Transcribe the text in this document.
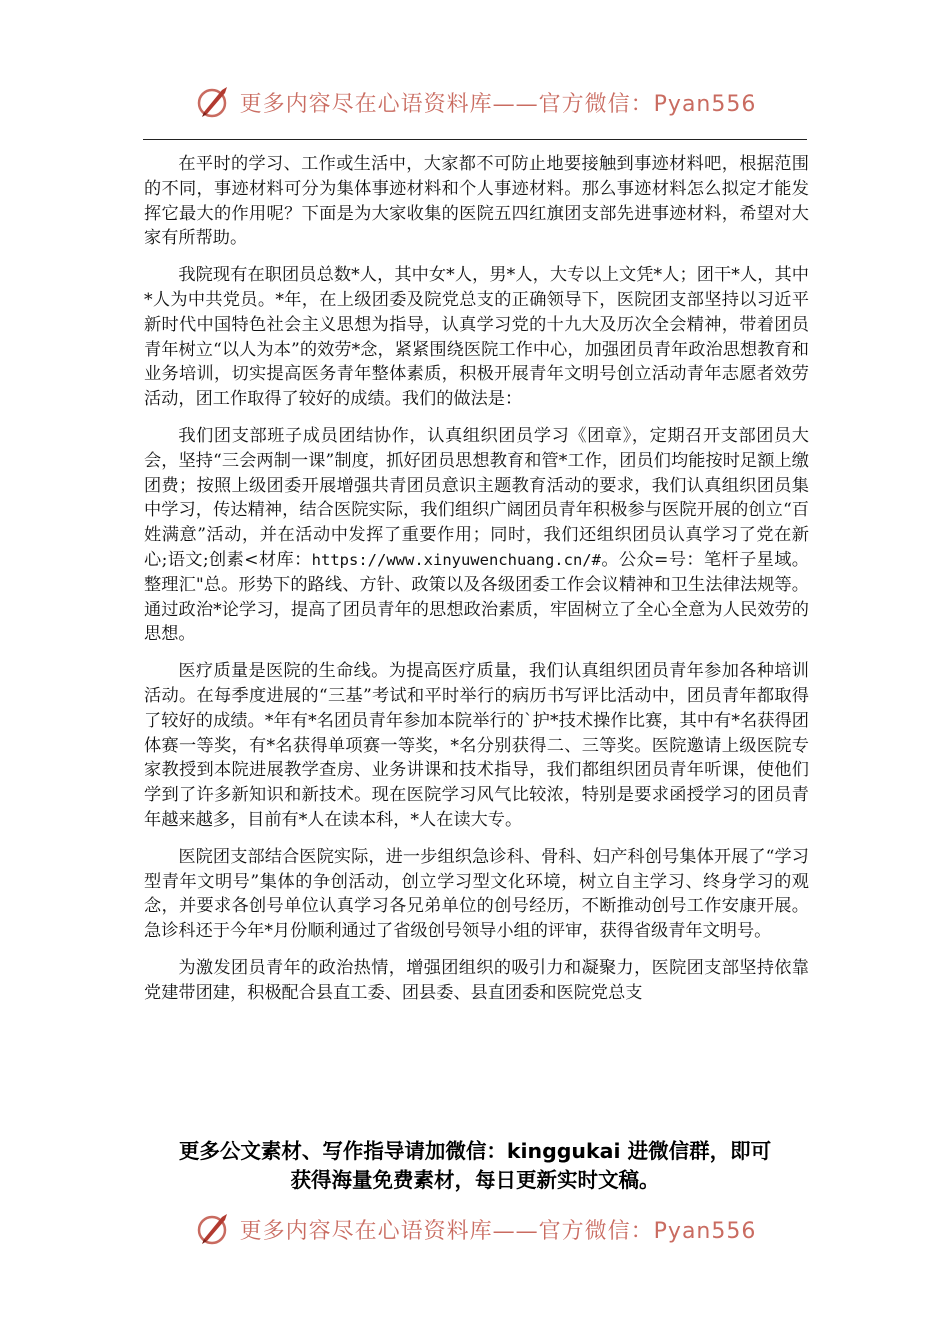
更多内容尽在心语资料库——官方微信：Pyan556

在平时的学习、工作或生活中，大家都不可防止地要接触到事迹材料吧，根据范围的不同，事迹材料可分为集体事迹材料和个人事迹材料。那么事迹材料怎么拟定才能发挥它最大的作用呢？下面是为大家收集的医院五四红旗团支部先进事迹材料，希望对大家有所帮助。

我院现有在职团员总数*人，其中女*人，男*人，大专以上文凭*人；团干*人，其中*人为中共党员。*年，在上级团委及院党总支的正确领导下，医院团支部坚持以习近平新时代中国特色社会主义思想为指导，认真学习党的十九大及历次全会精神，带着团员青年树立“以人为本”的效劳*念，紧紧围绕医院工作中心，加强团员青年政治思想教育和业务培训，切实提高医务青年整体素质，积极开展青年文明号创立活动青年志愿者效劳活动，团工作取得了较好的成绩。我们的做法是：

我们团支部班子成员团结协作，认真组织团员学习《团章》，定期召开支部团员大会，坚持“三会两制一课”制度，抓好团员思想教育和管*工作，团员们均能按时足额上缴团费；按照上级团委开展增强共青团员意识主题教育活动的要求，我们认真组织团员集中学习，传达精神，结合医院实际，我们组织广阔团员青年积极参与医院开展的创立“百姓满意”活动，并在活动中发挥了重要作用；同时，我们还组织团员认真学习了党在新心;语文;创素<材库：https://www.xinyuwenchuang.cn/#。公众=号：笔杆子星域。整理汇"总。形势下的路线、方针、政策以及各级团委工作会议精神和卫生法律法规等。通过政治*论学习，提高了团员青年的思想政治素质，牢固树立了全心全意为人民效劳的思想。

医疗质量是医院的生命线。为提高医疗质量，我们认真组织团员青年参加各种培训活动。在每季度进展的“三基”考试和平时举行的病历书写评比活动中，团员青年都取得了较好的成绩。*年有*名团员青年参加本院举行的`护*技术操作比赛，其中有*名获得团体赛一等奖，有*名获得单项赛一等奖，*名分别获得二、三等奖。医院邀请上级医院专家教授到本院进展教学查房、业务讲课和技术指导，我们都组织团员青年听课，使他们学到了许多新知识和新技术。现在医院学习风气比较浓，特别是要求函授学习的团员青年越来越多，目前有*人在读本科，*人在读大专。

医院团支部结合医院实际，进一步组织急诊科、骨科、妇产科创号集体开展了“学习型青年文明号”集体的争创活动，创立学习型文化环境，树立自主学习、终身学习的观念，并要求各创号单位认真学习各兄弟单位的创号经历，不断推动创号工作安康开展。急诊科还于今年*月份顺利通过了省级创号领导小组的评审，获得省级青年文明号。

为激发团员青年的政治热情，增强团组织的吸引力和凝聚力，医院团支部坚持依靠党建带团建，积极配合县直工委、团县委、县直团委和医院党总支

更多公文素材、写作指导请加微信：kinggukai 进微信群，即可
获得海量免费素材，每日更新实时文稿。
更多内容尽在心语资料库——官方微信：Pyan556
